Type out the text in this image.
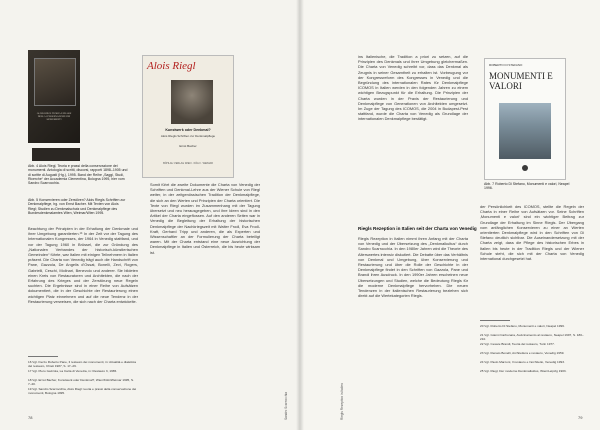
ALOIS RIEGL TEORIA E PRASSI DELLA CONSERVAZIONE DEI MONUMENTI
Abb. 4 Alois Riegl, Teoria e prassi della conservazione dei monumenti. Antologia di scritti, discorsi, rapporti 1898–1905 und di scritte di Augusti (Hg.), 1995. Band der Reihe „Saggi, Studi, Ricerche“ der Accademia Clementina, Bologna 1995, hier vom Sandro Scarrocchia.
Abb. 5 Konservieren oder Zerstören? Alois Riegls Schriften zur Denkmalpflege, hg. von Ernst Bacher. Mit Texten von Alois Riegl; Studien zu Denkmalschutz und Denkmalpflege des Bundesdenkmalamtes Wien, Weimar/Wien 1995.
Alois Riegl
Kunstwerk oder Denkmal?
Alois Riegls Schriften zur Denkmalpflege
Ernst Bacher
BÖHLAU VERLAG WIEN · KÖLN · WEIMAR
Somit führt die zweite Dokumente die Charta von Venedig der Schriften und Denkmal-Lehre aus der Wiener Schule von Riegl weiter, in der zeitgenössischen Tradition der Denkmalpflege, die sich an den Werten und Prinzipien der Charta orientiert. Die Texte von Riegl wurden im Zusammenhang mit der Tagung übersetzt und neu herausgegeben, und ihre Ideen sind in den Artikel der Charta eingeflossen. Auf den anderen Seiten war in Venedig die Begleitung der Erhaltung der historischen Denkmalpflege der Nachkriegszeit mit Walter Frodl, Eva Frodl-Kraft, Gerhard Tripp und anderen, die als Experten und Wissenschaftler an der Formulierung der Charta beteiligt waren. Mit der Charta entstand eine neue Ausrichtung der Denkmalpflege in Italien und Österreich, die bis heute wirksam ist.
Beachtung der Prinzipien in der Erhaltung der Denkmale und ihrer Umgebung garantierten.¹⁶ In der Zeit vor der Tagung des Internationalen Kongresses, der 1964 in Venedig stattfand, und vor der Tagung 1960 in Brüssel, die zur Gründung des „Nationalen Verbandes der historisch-künstlerischen Gemeinden“ führte, war Italien mit einigen Teilnehmern in Italien präsent. Die Charta von Venedig trägt auch die Handschrift von Pane, Gazzola, De Angelis d’Ossat, Bonelli, Zevi, Rogers, Gabrielli, Ceschi, Molinari, Benevolo und anderer. Sie bildeten einen Kreis von Restauratoren und Architekten, die nach der Erfahrung des Krieges und der Zerstörung neue Regeln suchten. Die Ergebnisse sind in einer Reihe von Aufsätzen dokumentiert, die in der Geschichte der Restaurierung einen wichtigen Platz einnehmen und auf die neue Tendenz in der Restaurierung verweisen, die sich nach der Charta entwickelte.
16 Vgl. hierzu Roberto Pane, Il restauro dei monumenti, in: Attualità e dialettica del restauro, Chieti 1987, S. 17–29.
17 Vgl. Piero Gazzola, La Carta di Venezia, in: Restauro 3, 1965.
18 Vgl. Ernst Bacher, Kunstwerk oder Denkmal?, Wien/Köln/Weimar 1995, S. 7–20.
19 Vgl. Sandro Scarrocchia, Alois Riegl: teoria e prassi della conservazione dei monumenti, Bologna 1995.
78	Sandro Scarrocchia
ins Italienische, die Tradition a priori zu setzen, auf die Prinzipien des Denkmals und ihrer Umgebung gleichermaßen. Die Charta von Venedig schreibt vor, dass das Denkmal als Zeugnis in seiner Gesamtheit zu erhalten ist. Vorbeugung vor der Kongressreform des Kongresses in Venedig und die Begründung des internationalen Rates für Denkmalpflege ICOMOS in Italien werden in den folgenden Jahren zu einem wichtigen Bezugspunkt für die Erhaltung. Die Prinzipien der Charta wurden in der Praxis der Restaurierung und Denkmalpflege von Generationen von Architekten umgesetzt. Im Zuge der Tagung des ICOMOS, die 2004 in Budapest-Pest stattfand, wurde die Charta von Venedig als Grundlage der internationalen Denkmalpflege bestätigt.
ROBERTO DI STEFANO
MONUMENTI E VALORI
Abb. 7 Roberto Di Stefano, Monumenti e valori, Neapel 1996.
Riegls Rezeption in Italien seit der Charta von Venedig
Riegls Rezeption in Italien nimmt ihren Anfang mit der Charta von Venedig und der Übersetzung des „Denkmalkultus“ durch Sandro Scarrocchia. In den 1980er Jahren wird die Theorie des Alterswertes intensiv diskutiert. Die Debatte über das Verhältnis von Denkmal und Umgebung, über Konservierung und Restaurierung und über die Rolle der Geschichte in der Denkmalpflege findet in den Schriften von Gazzola, Pane und Brandi ihren Ausdruck. In den 1990er Jahren erscheinen neue Übersetzungen und Studien, welche die Bedeutung Riegls für die moderne Denkmalpflege hervorheben. Die neuen Tendenzen in der italienischen Restaurierung beziehen sich direkt auf die Wertekategorien Riegls.
der Persönlichkeit des ICOMOS, stellte die Regeln der Charta in einer Reihe von Aufsätzen vor. Seine Schriften ‚Monumenti e valori‘ sind ein wichtiger Beitrag zur Grundlage der Erhaltung im Sinne Riegls. Der Übergang vom anfänglichen Konservieren zu einer an Werten orientierten Denkmalpflege wird in den Schriften von Di Stefano deutlich sichtbar. Die Auseinandersetzung mit der Charta zeigt, dass die Pflege des historischen Erbes in Italien bis heute in der Tradition Riegls und der Wiener Schule steht, die sich mit der Charta von Venedig international durchgesetzt hat.
20 Vgl. Roberto Di Stefano, Monumenti e valori, Neapel 1996.
21 Vgl. Gianni Carbonara, Avvicinamento al restauro, Neapel 1997, S. 180–210.
22 Vgl. Cesare Brandi, Teoria del restauro, Turin 1977.
23 Vgl. Renato Bonelli, Architettura e restauro, Venedig 1959.
24 Vgl. Paolo Marconi, Il restauro e l’architetto, Venedig 1993.
25 Vgl. Riegl, Der moderne Denkmalkultus, Wien/Leipzig 1903.
79
Riegls Rezeption in Italien
